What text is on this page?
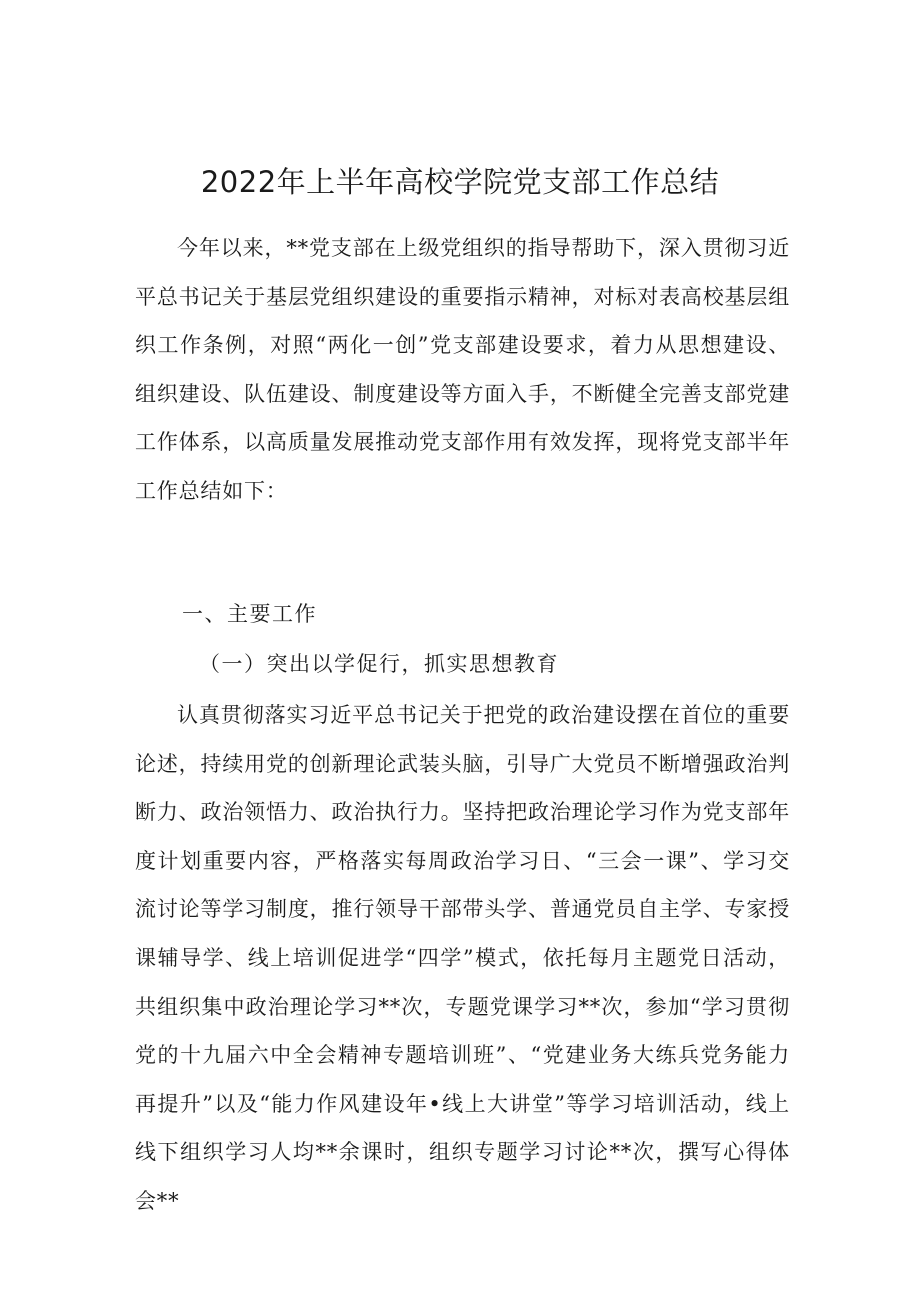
2022年上半年高校学院党支部工作总结

今年以来，**党支部在上级党组织的指导帮助下，深入贯彻习近平总书记关于基层党组织建设的重要指示精神，对标对表高校基层组织工作条例，对照“两化一创”党支部建设要求，着力从思想建设、组织建设、队伍建设、制度建设等方面入手，不断健全完善支部党建工作体系，以高质量发展推动党支部作用有效发挥，现将党支部半年工作总结如下：

一、主要工作
（一）突出以学促行，抓实思想教育

认真贯彻落实习近平总书记关于把党的政治建设摆在首位的重要论述，持续用党的创新理论武装头脑，引导广大党员不断增强政治判断力、政治领悟力、政治执行力。坚持把政治理论学习作为党支部年度计划重要内容，严格落实每周政治学习日、“三会一课”、学习交流讨论等学习制度，推行领导干部带头学、普通党员自主学、专家授课辅导学、线上培训促进学“四学”模式，依托每月主题党日活动，共组织集中政治理论学习**次，专题党课学习**次，参加“学习贯彻党的十九届六中全会精神专题培训班”、“党建业务大练兵党务能力再提升”以及“能力作风建设年•线上大讲堂”等学习培训活动，线上线下组织学习人均**余课时，组织专题学习讨论**次，撰写心得体会**
